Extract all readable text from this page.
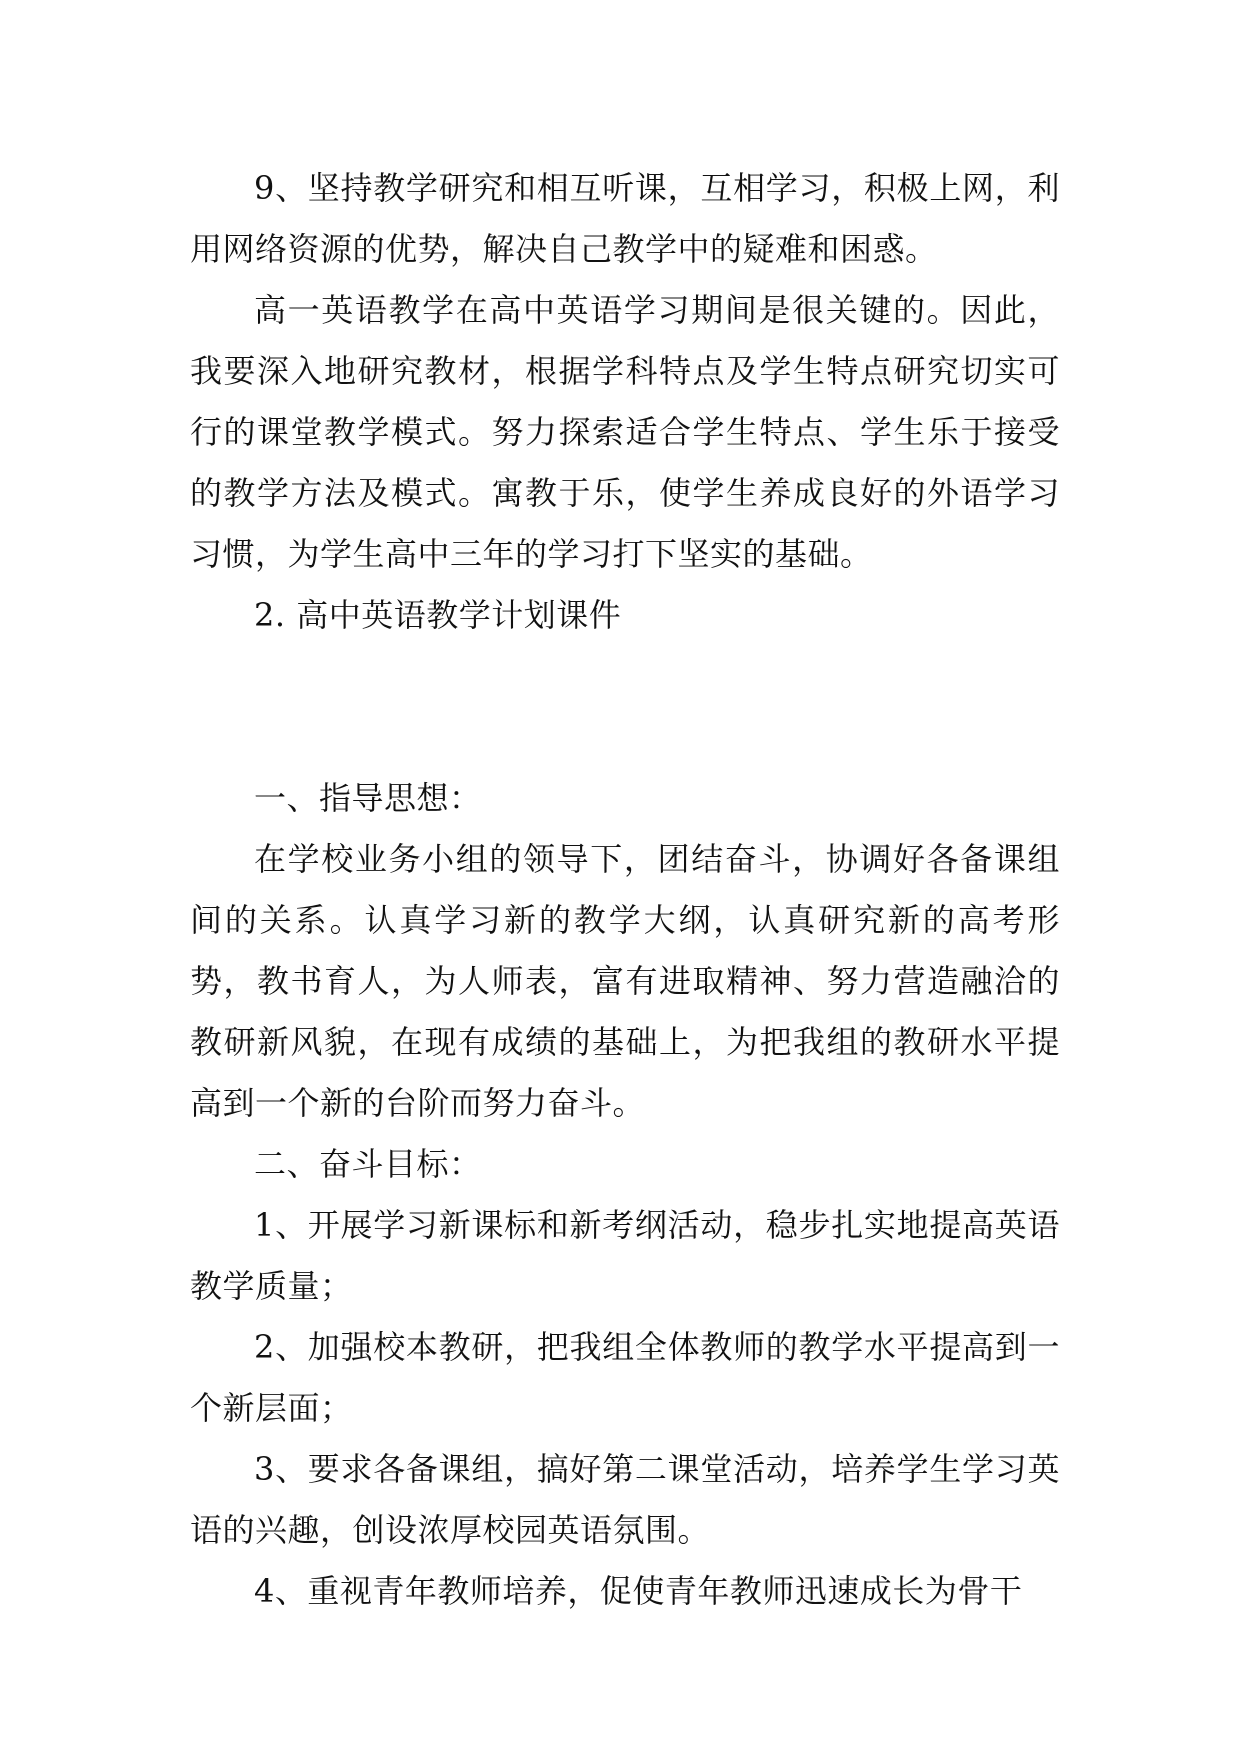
9、坚持教学研究和相互听课，互相学习，积极上网，利用网络资源的优势，解决自己教学中的疑难和困惑。

高一英语教学在高中英语学习期间是很关键的。因此，我要深入地研究教材，根据学科特点及学生特点研究切实可行的课堂教学模式。努力探索适合学生特点、学生乐于接受的教学方法及模式。寓教于乐，使学生养成良好的外语学习习惯，为学生高中三年的学习打下坚实的基础。

2. 高中英语教学计划课件

一、指导思想：

在学校业务小组的领导下，团结奋斗，协调好各备课组间的关系。认真学习新的教学大纲，认真研究新的高考形势，教书育人，为人师表，富有进取精神、努力营造融洽的教研新风貌，在现有成绩的基础上，为把我组的教研水平提高到一个新的台阶而努力奋斗。

二、奋斗目标：

1、开展学习新课标和新考纲活动，稳步扎实地提高英语教学质量；

2、加强校本教研，把我组全体教师的教学水平提高到一个新层面；

3、要求各备课组，搞好第二课堂活动，培养学生学习英语的兴趣，创设浓厚校园英语氛围。

4、重视青年教师培养，促使青年教师迅速成长为骨干
